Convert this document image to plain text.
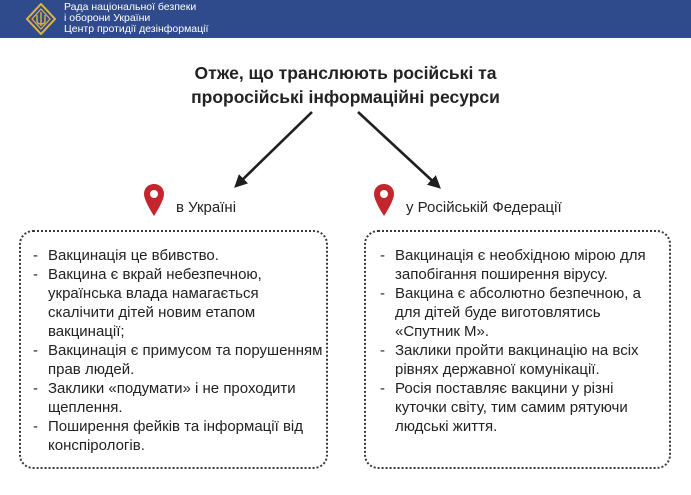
Рада національної безпеки
і оборони України
Центр протидії дезінформації
Отже, що транслюють російські та
проросійські інформаційні ресурси
в Україні	у Російській Федерації
- Вакцинація це вбивство.
- Вакцина є вкрай небезпечною, українська влада намагається скалічити дітей новим етапом вакцинації;
- Вакцинація є примусом та порушенням прав людей.
- Заклики «подумати» і не проходити щеплення.
- Поширення фейків та інформації від конспірологів.
- Вакцинація є необхідною мірою для запобігання поширення вірусу.
- Вакцина є абсолютно безпечною, а для дітей буде виготовлятись «Спутник М».
- Заклики пройти вакцинацію на всіх рівнях державної комунікації.
- Росія поставляє вакцини у різні куточки світу, тим самим рятуючи людські життя.
